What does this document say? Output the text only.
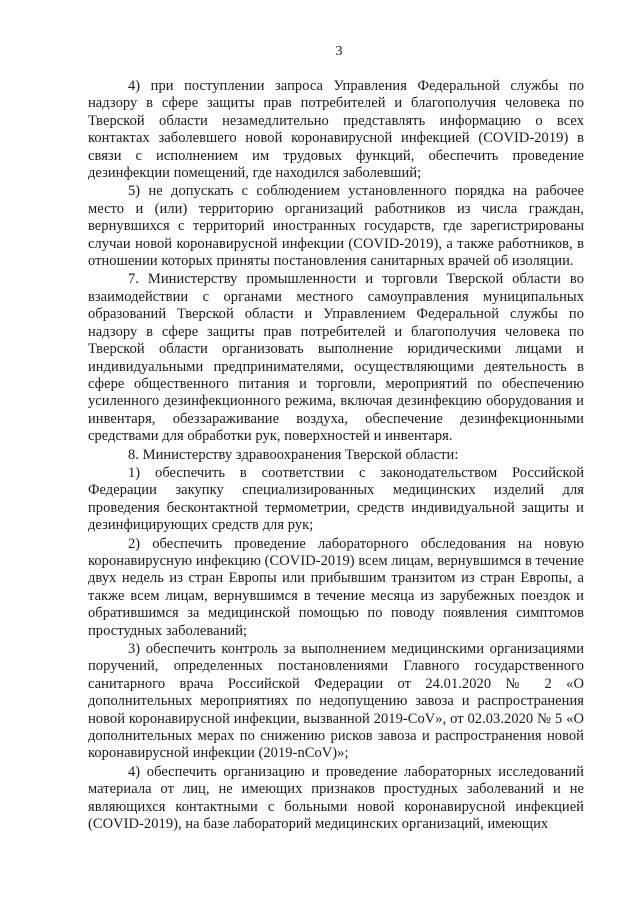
3

4) при поступлении запроса Управления Федеральной службы по надзору в сфере защиты прав потребителей и благополучия человека по Тверской области незамедлительно представлять информацию о всех контактах заболевшего новой коронавирусной инфекцией (COVID-2019) в связи с исполнением им трудовых функций, обеспечить проведение дезинфекции помещений, где находился заболевший;

5) не допускать с соблюдением установленного порядка на рабочее место и (или) территорию организаций работников из числа граждан, вернувшихся с территорий иностранных государств, где зарегистрированы случаи новой коронавирусной инфекции (COVID-2019), а также работников, в отношении которых приняты постановления санитарных врачей об изоляции.

7. Министерству промышленности и торговли Тверской области во взаимодействии с органами местного самоуправления муниципальных образований Тверской области и Управлением Федеральной службы по надзору в сфере защиты прав потребителей и благополучия человека по Тверской области организовать выполнение юридическими лицами и индивидуальными предпринимателями, осуществляющими деятельность в сфере общественного питания и торговли, мероприятий по обеспечению усиленного дезинфекционного режима, включая дезинфекцию оборудования и инвентаря, обеззараживание воздуха, обеспечение дезинфекционными средствами для обработки рук, поверхностей и инвентаря.

8. Министерству здравоохранения Тверской области:

1) обеспечить в соответствии с законодательством Российской Федерации закупку специализированных медицинских изделий для проведения бесконтактной термометрии, средств индивидуальной защиты и дезинфицирующих средств для рук;

2) обеспечить проведение лабораторного обследования на новую коронавирусную инфекцию (COVID-2019) всем лицам, вернувшимся в течение двух недель из стран Европы или прибывшим транзитом из стран Европы, а также всем лицам, вернувшимся в течение месяца из зарубежных поездок и обратившимся за медицинской помощью по поводу появления симптомов простудных заболеваний;

3) обеспечить контроль за выполнением медицинскими организациями поручений, определенных постановлениями Главного государственного санитарного врача Российской Федерации от 24.01.2020 № 2 «О дополнительных мероприятиях по недопущению завоза и распространения новой коронавирусной инфекции, вызванной 2019-CoV», от 02.03.2020 № 5 «О дополнительных мерах по снижению рисков завоза и распространения новой коронавирусной инфекции (2019-nCoV)»;

4) обеспечить организацию и проведение лабораторных исследований материала от лиц, не имеющих признаков простудных заболеваний и не являющихся контактными с больными новой коронавирусной инфекцией (COVID-2019), на базе лабораторий медицинских организаций, имеющих
